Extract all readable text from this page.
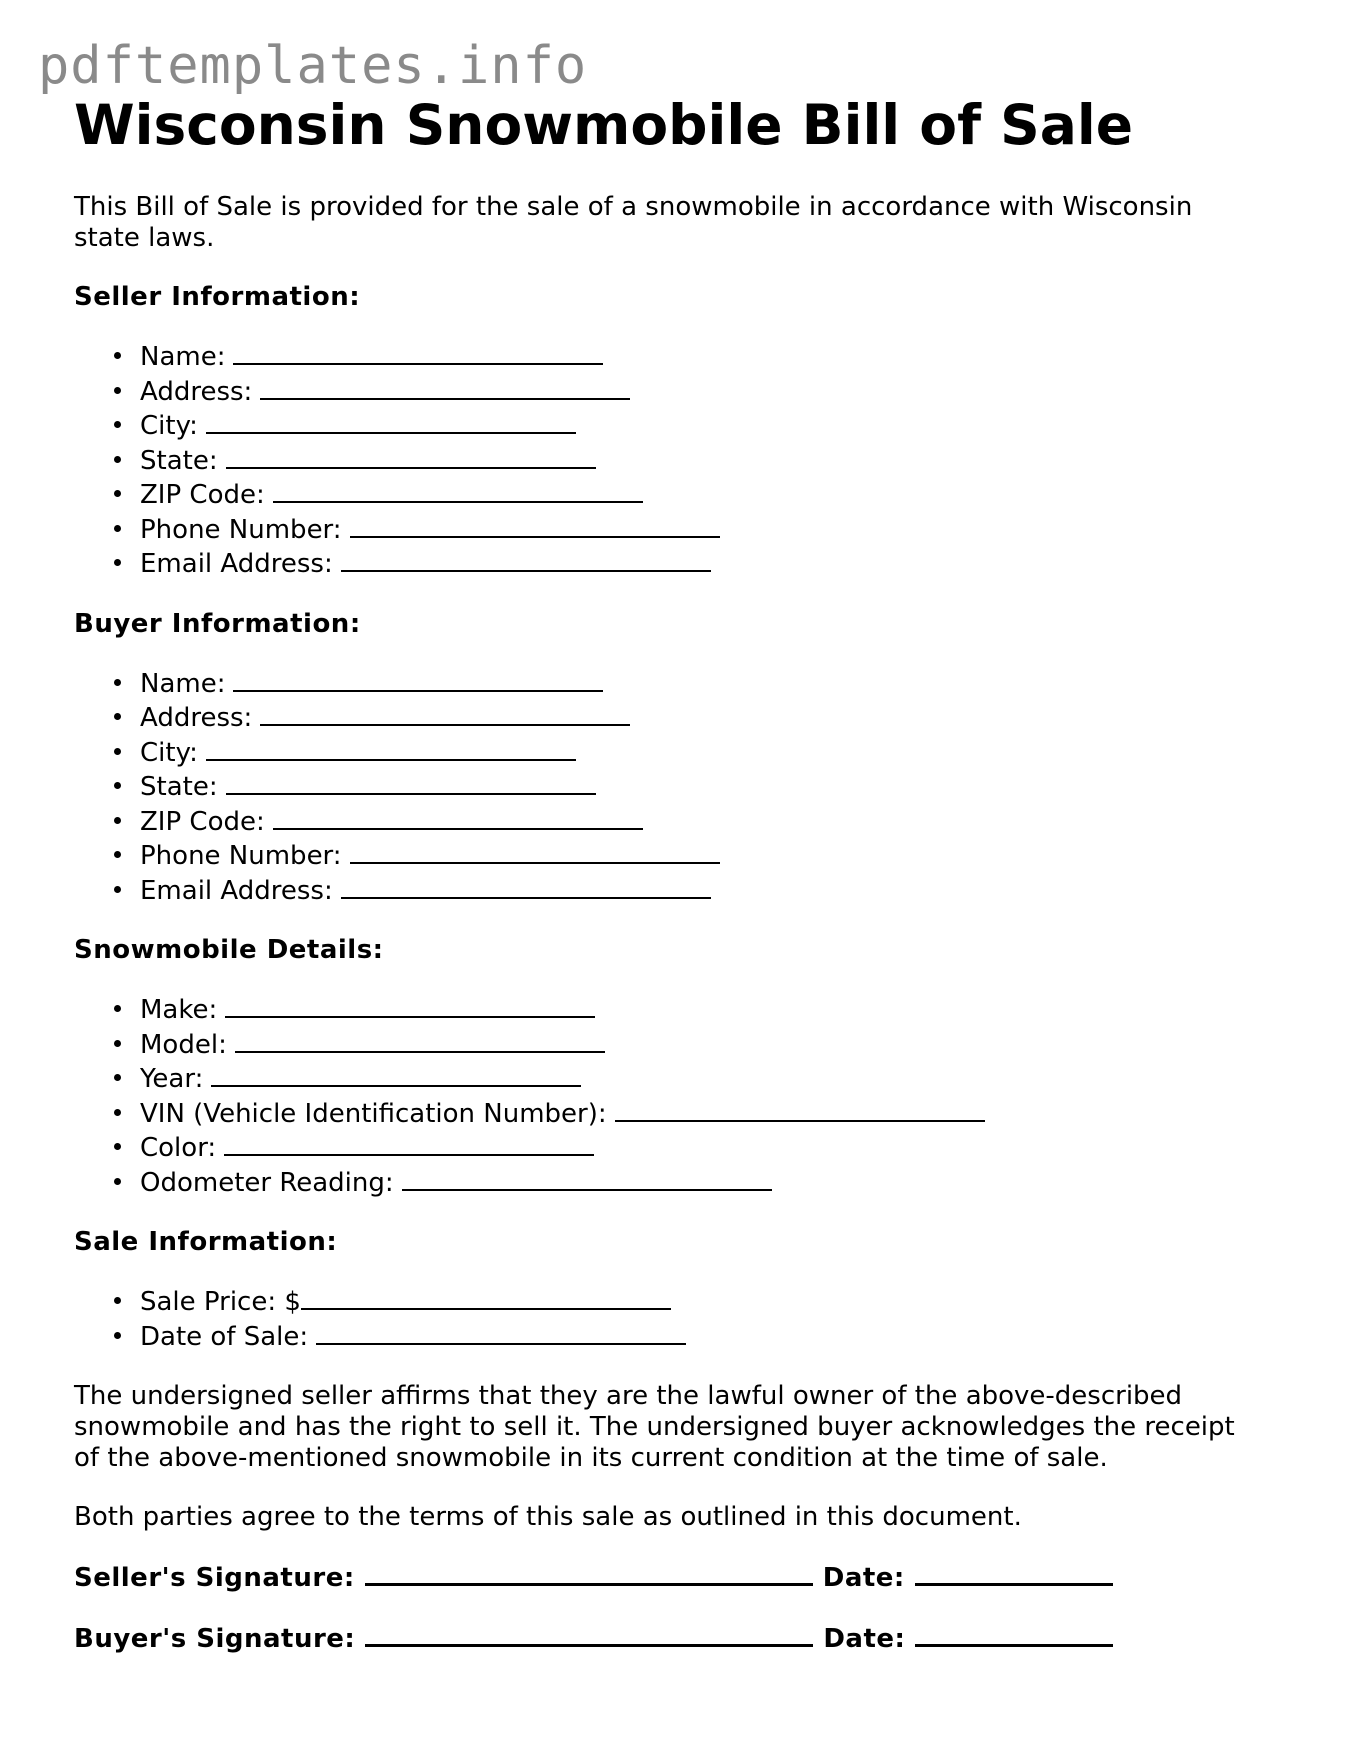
pdftemplates.info
Wisconsin Snowmobile Bill of Sale

This Bill of Sale is provided for the sale of a snowmobile in accordance with Wisconsin state laws.

Seller Information:
Name:
Address:
City:
State:
ZIP Code:
Phone Number:
Email Address:
Buyer Information:
Name:
Address:
City:
State:
ZIP Code:
Phone Number:
Email Address:
Snowmobile Details:
Make:
Model:
Year:
VIN (Vehicle Identification Number):
Color:
Odometer Reading:
Sale Information:
Sale Price: $
Date of Sale:

The undersigned seller affirms that they are the lawful owner of the above-described snowmobile and has the right to sell it. The undersigned buyer acknowledges the receipt of the above-mentioned snowmobile in its current condition at the time of sale.

Both parties agree to the terms of this sale as outlined in this document.

Seller's Signature:	Date:
Buyer's Signature:	Date:
